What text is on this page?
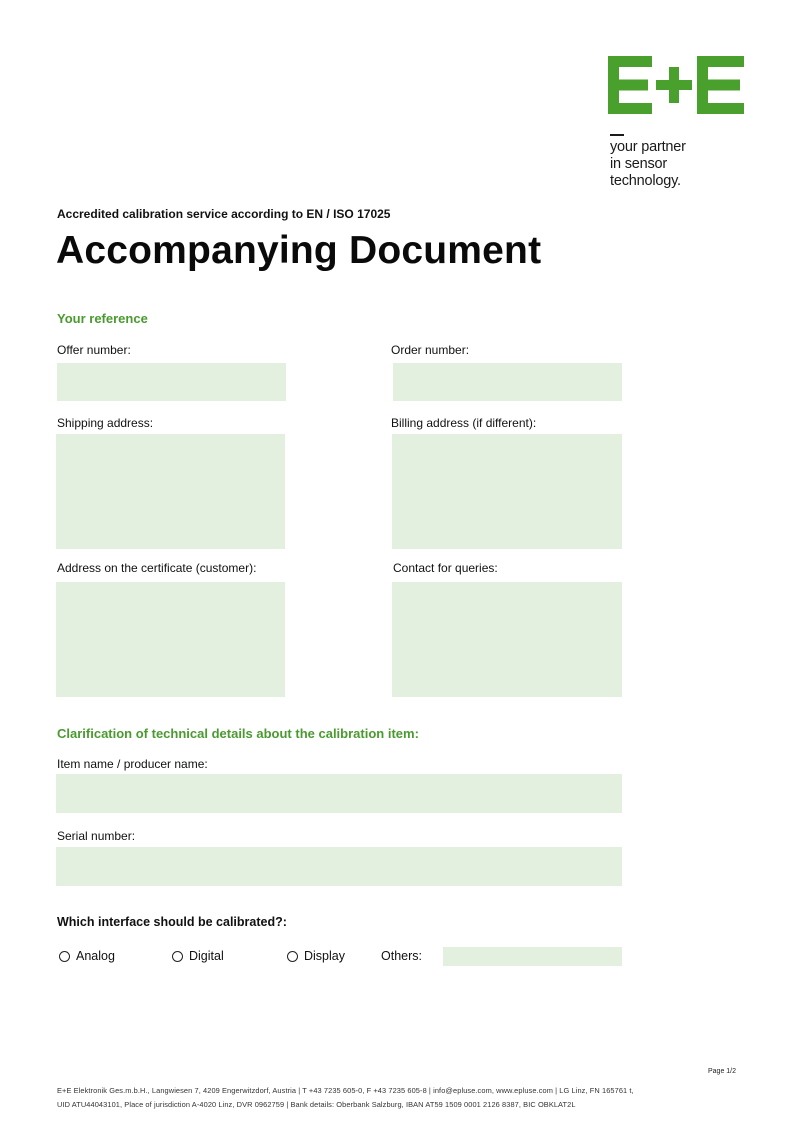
your partner
in sensor
technology.
Accredited calibration service according to EN / ISO 17025
Accompanying Document
Your reference
Offer number:	Order number:
Shipping address:	Billing address (if different):
Address on the certificate (customer):	Contact for queries:
Clarification of technical details about the calibration item:
Item name / producer name:
Serial number:
Which interface should be calibrated?:
Analog	Digital	Display	Others:
Page 1/2
E+E Elektronik Ges.m.b.H., Langwiesen 7, 4209 Engerwitzdorf, Austria | T +43 7235 605-0, F +43 7235 605-8 | info@epluse.com, www.epluse.com | LG Linz, FN 165761 t,
UID ATU44043101, Place of jurisdiction A-4020 Linz, DVR 0962759 | Bank details: Oberbank Salzburg, IBAN AT59 1509 0001 2126 8387, BIC OBKLAT2L
